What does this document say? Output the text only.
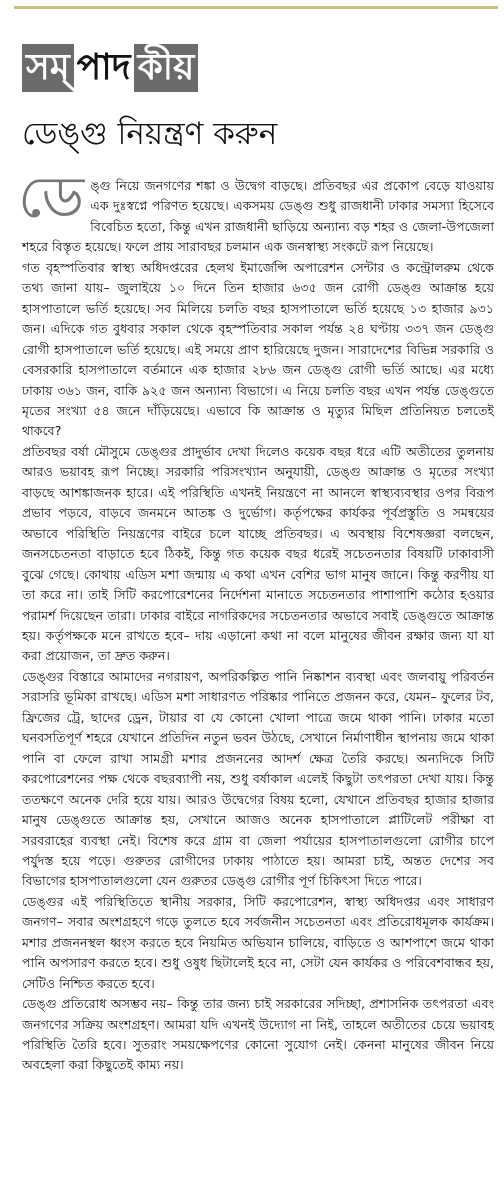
সম্ পাদ কীয়
ডেঙ্গু নিয়ন্ত্রণ করুন

ডেঙ্গু নিয়ে জনগণের শঙ্কা ও উদ্বেগ বাড়ছে। প্রতিবছর এর প্রকোপ বেড়ে যাওয়ায় এক দুঃস্বপ্নে পরিণত হয়েছে। একসময় ডেঙ্গু শুধু রাজধানী ঢাকার সমস্যা হিসেবে বিবেচিত হতো, কিন্তু এখন রাজধানী ছাড়িয়ে অন্যান্য বড় শহর ও জেলা-উপজেলা শহরে বিস্তৃত হয়েছে। ফলে প্রায় সারাবছর চলমান এক জনস্বাস্থ্য সংকটে রূপ নিয়েছে।

গত বৃহস্পতিবার স্বাস্থ্য অধিদপ্তরের হেলথ ইমার্জেন্সি অপারেশন সেন্টার ও কন্ট্রোলরুম থেকে তথ্য জানা যায়– জুলাইয়ে ১০ দিনে তিন হাজার ৬৩৫ জন রোগী ডেঙ্গু আক্রান্ত হয়ে হাসপাতালে ভর্তি হয়েছে। সব মিলিয়ে চলতি বছর হাসপাতালে ভর্তি হয়েছে ১৩ হাজার ৯৩১ জন। এদিকে গত বুধবার সকাল থেকে বৃহস্পতিবার সকাল পর্যন্ত ২৪ ঘণ্টায় ৩৩৭ জন ডেঙ্গু রোগী হাসপাতালে ভর্তি হয়েছে। এই সময়ে প্রাণ হারিয়েছে দুজন। সারাদেশের বিভিন্ন সরকারি ও বেসরকারি হাসপাতালে বর্তমানে এক হাজার ২৮৬ জন ডেঙ্গু রোগী ভর্তি আছে। এর মধ্যে ঢাকায় ৩৬১ জন, বাকি ৯২৫ জন অন্যান্য বিভাগে। এ নিয়ে চলতি বছর এখন পর্যন্ত ডেঙ্গুতে মৃতের সংখ্যা ৫৪ জনে দাঁড়িয়েছে। এভাবে কি আক্রান্ত ও মৃত্যুর মিছিল প্রতিনিয়ত চলতেই থাকবে?

প্রতিবছর বর্ষা মৌসুমে ডেঙ্গুর প্রাদুর্ভাব দেখা দিলেও কয়েক বছর ধরে এটি অতীতের তুলনায় আরও ভয়াবহ রূপ নিচ্ছে। সরকারি পরিসংখ্যান অনুযায়ী, ডেঙ্গু আক্রান্ত ও মৃতের সংখ্যা বাড়ছে আশঙ্কাজনক হারে। এই পরিস্থিতি এখনই নিয়ন্ত্রণে না আনলে স্বাস্থ্যব্যবস্থার ওপর বিরূপ প্রভাব পড়বে, বাড়বে জনমনে আতঙ্ক ও দুর্ভোগ। কর্তৃপক্ষের কার্যকর পূর্বপ্রস্তুতি ও সমন্বয়ের অভাবে পরিস্থিতি নিয়ন্ত্রণের বাইরে চলে যাচ্ছে প্রতিবছর। এ অবস্থায় বিশেষজ্ঞরা বলছেন, জনসচেতনতা বাড়াতে হবে ঠিকই, কিন্তু গত কয়েক বছর ধরেই সচেতনতার বিষয়টি ঢাকাবাসী বুঝে গেছে। কোথায় এডিস মশা জন্মায় এ কথা এখন বেশির ভাগ মানুষ জানে। কিন্তু করণীয় যা তা করে না। তাই সিটি করপোরেশনের নির্দেশনা মানাতে সচেতনতার পাশাপাশি কঠোর হওয়ার পরামর্শ দিয়েছেন তারা। ঢাকার বাইরে নাগরিকদের সচেতনতার অভাবে সবাই ডেঙ্গুতে আক্রান্ত হয়। কর্তৃপক্ষকে মনে রাখতে হবে– দায় এড়ানো কথা না বলে মানুষের জীবন রক্ষার জন্য যা যা করা প্রয়োজন, তা দ্রুত করুন।

ডেঙ্গুর বিস্তারে আমাদের নগরায়ণ, অপরিকল্পিত পানি নিষ্কাশন ব্যবস্থা এবং জলবায়ু পরিবর্তন সরাসরি ভূমিকা রাখছে। এডিস মশা সাধারণত পরিষ্কার পানিতে প্রজনন করে, যেমন– ফুলের টব, ফ্রিজের ট্রে, ছাদের ড্রেন, টায়ার বা যে কোনো খোলা পাত্রে জমে থাকা পানি। ঢাকার মতো ঘনবসতিপূর্ণ শহরে যেখানে প্রতিদিন নতুন ভবন উঠছে, সেখানে নির্মাণাধীন স্থাপনায় জমে থাকা পানি বা ফেলে রাখা সামগ্রী মশার প্রজননের আদর্শ ক্ষেত্র তৈরি করছে। অন্যদিকে সিটি করপোরেশনের পক্ষ থেকে বছরব্যাপী নয়, শুধু বর্ষাকাল এলেই কিছুটা তৎপরতা দেখা যায়। কিন্তু ততক্ষণে অনেক দেরি হয়ে যায়। আরও উদ্বেগের বিষয় হলো, যেখানে প্রতিবছর হাজার হাজার মানুষ ডেঙ্গুতে আক্রান্ত হয়, সেখানে আজও অনেক হাসপাতালে প্লাটিলেট পরীক্ষা বা সরবরাহের ব্যবস্থা নেই। বিশেষ করে গ্রাম বা জেলা পর্যায়ের হাসপাতালগুলো রোগীর চাপে পর্যুদস্ত হয়ে পড়ে। গুরুতর রোগীদের ঢাকায় পাঠাতে হয়। আমরা চাই, অন্তত দেশের সব বিভাগের হাসপাতালগুলো যেন গুরুতর ডেঙ্গু রোগীর পূর্ণ চিকিৎসা দিতে পারে।

ডেঙ্গুর এই পরিস্থিতিতে স্থানীয় সরকার, সিটি করপোরেশন, স্বাস্থ্য অধিদপ্তর এবং সাধারণ জনগণ– সবার অংশগ্রহণে গড়ে তুলতে হবে সর্বজনীন সচেতনতা এবং প্রতিরোধমূলক কার্যক্রম। মশার প্রজননস্থল ধ্বংস করতে হবে নিয়মিত অভিযান চালিয়ে, বাড়িতে ও আশপাশে জমে থাকা পানি অপসারণ করতে হবে। শুধু ওষুধ ছিটালেই হবে না, সেটা যেন কার্যকর ও পরিবেশবান্ধব হয়, সেটিও নিশ্চিত করতে হবে।

ডেঙ্গু প্রতিরোধ অসম্ভব নয়– কিন্তু তার জন্য চাই সরকারের সদিচ্ছা, প্রশাসনিক তৎপরতা এবং জনগণের সক্রিয় অংশগ্রহণ। আমরা যদি এখনই উদ্যোগ না নিই, তাহলে অতীতের চেয়ে ভয়াবহ পরিস্থিতি তৈরি হবে। সুতরাং সময়ক্ষেপণের কোনো সুযোগ নেই। কেননা মানুষের জীবন নিয়ে অবহেলা করা কিছুতেই কাম্য নয়।
